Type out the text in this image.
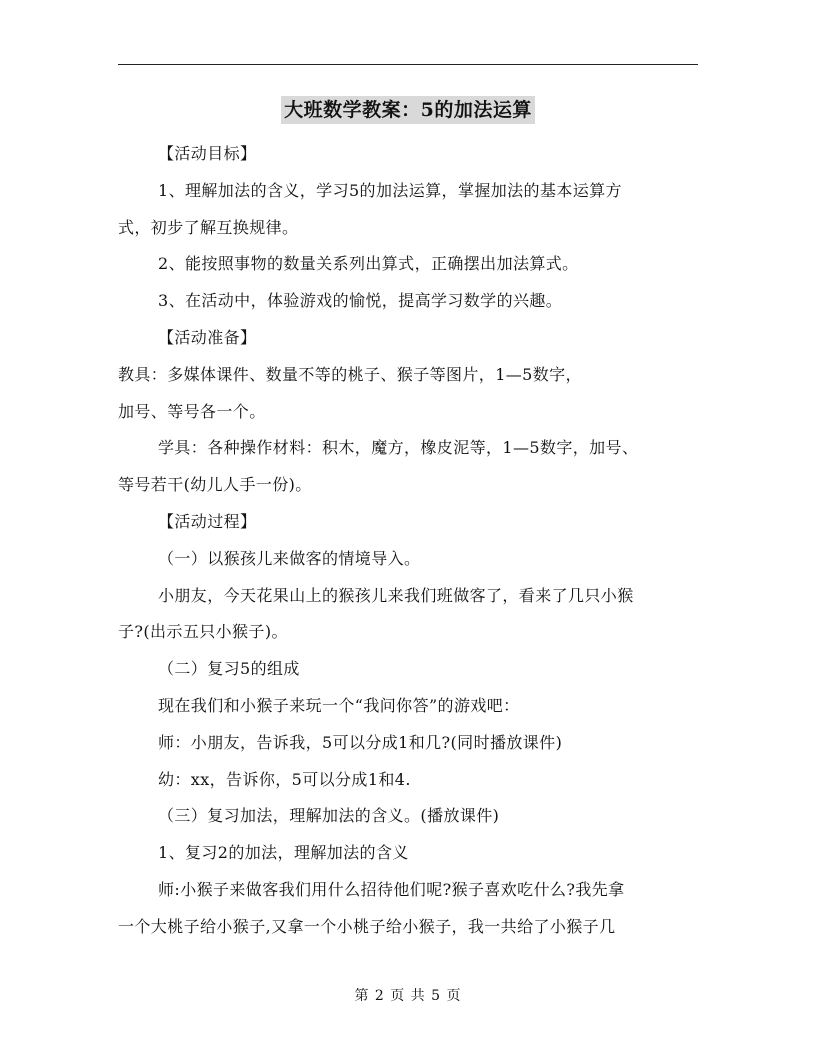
大班数学教案：5的加法运算
【活动目标】
1、理解加法的含义，学习5的加法运算，掌握加法的基本运算方
式，初步了解互换规律。
2、能按照事物的数量关系列出算式，正确摆出加法算式。
3、在活动中，体验游戏的愉悦，提高学习数学的兴趣。
【活动准备】
教具：多媒体课件、数量不等的桃子、猴子等图片，1—5数字，
加号、等号各一个。
学具：各种操作材料：积木，魔方，橡皮泥等，1—5数字，加号、
等号若干(幼儿人手一份)。
【活动过程】
（一）以猴孩儿来做客的情境导入。
小朋友，今天花果山上的猴孩儿来我们班做客了，看来了几只小猴
子?(出示五只小猴子)。
（二）复习5的组成
现在我们和小猴子来玩一个“我问你答”的游戏吧：
师：小朋友，告诉我，5可以分成1和几?(同时播放课件)
幼：xx，告诉你，5可以分成1和4.
（三）复习加法，理解加法的含义。(播放课件)
1、复习2的加法，理解加法的含义
师:小猴子来做客我们用什么招待他们呢?猴子喜欢吃什么?我先拿
一个大桃子给小猴子,又拿一个小桃子给小猴子，我一共给了小猴子几
第 2 页 共 5 页
